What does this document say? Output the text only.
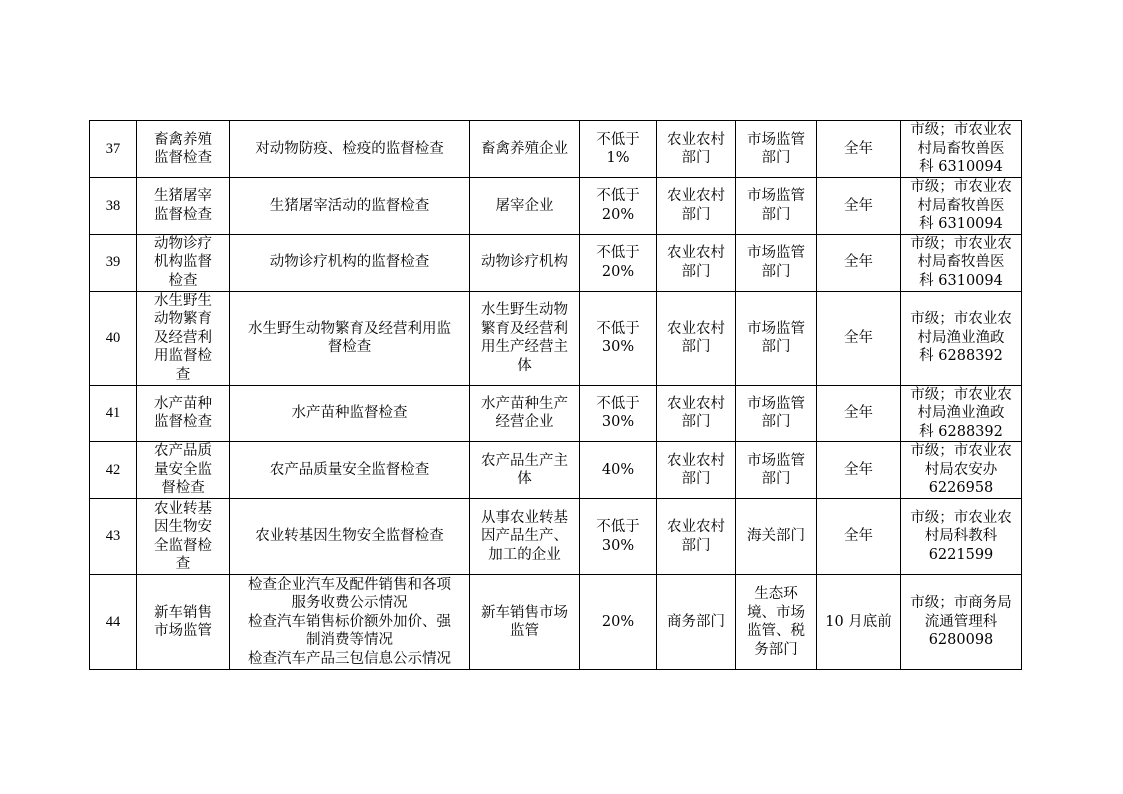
37	畜禽养殖
监督检查	对动物防疫、检疫的监督检查	畜禽养殖企业	不低于 1%	农业农村
部门	市场监管
部门	全年	市级；市农业农
村局畜牧兽医
科 6310094

38	生猪屠宰
监督检查	生猪屠宰活动的监督检查	屠宰企业	不低于
20%	农业农村
部门	市场监管
部门	全年	市级；市农业农
村局畜牧兽医
科 6310094

39	动物诊疗
机构监督
检查	动物诊疗机构的监督检查	动物诊疗机构	不低于
20%	农业农村
部门	市场监管
部门	全年	市级；市农业农
村局畜牧兽医
科 6310094

40	水生野生
动物繁育
及经营利
用监督检
查	水生野生动物繁育及经营利用监
督检查	水生野生动物
繁育及经营利
用生产经营主
体	不低于
30%	农业农村
部门	市场监管
部门	全年	市级；市农业农
村局渔业渔政
科 6288392

41	水产苗种
监督检查	水产苗种监督检查	水产苗种生产
经营企业	不低于
30%	农业农村
部门	市场监管
部门	全年	市级；市农业农
村局渔业渔政
科 6288392

42	农产品质
量安全监
督检查	农产品质量安全监督检查	农产品生产主
体	40%	农业农村
部门	市场监管
部门	全年	市级；市农业农
村局农安办
6226958

43	农业转基
因生物安
全监督检
查	农业转基因生物安全监督检查	从事农业转基
因产品生产、
加工的企业	不低于
30%	农业农村
部门	海关部门	全年	市级；市农业农
村局科教科
6221599

44	新车销售
市场监管	检查企业汽车及配件销售和各项
服务收费公示情况
检查汽车销售标价额外加价、强
制消费等情况
检查汽车产品三包信息公示情况	新车销售市场
监管	20%	商务部门	生态环
境、市场
监管、税
务部门	10 月底前	市级；市商务局
流通管理科
6280098
